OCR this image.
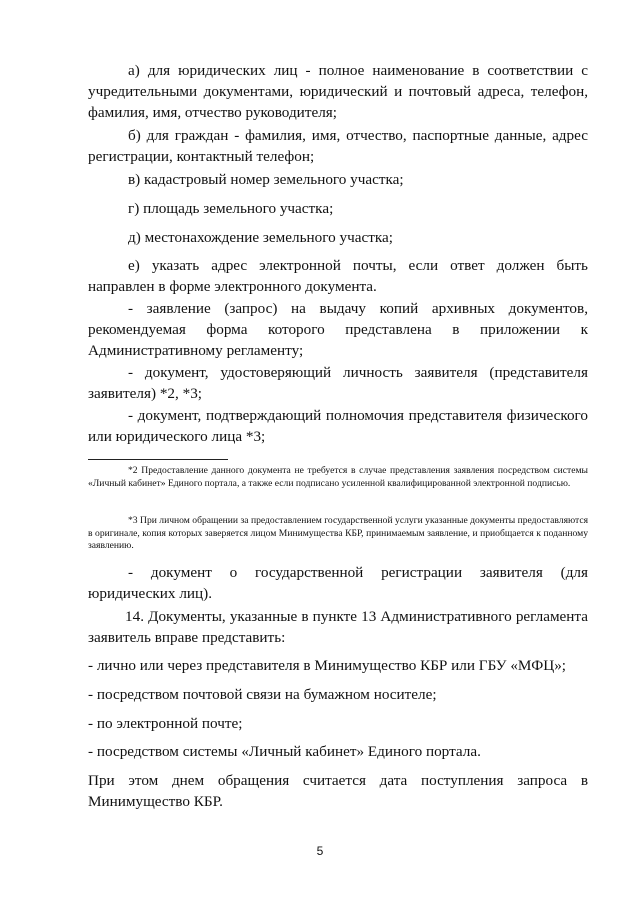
а) для юридических лиц - полное наименование в соответствии с учредительными документами, юридический и почтовый адреса, телефон, фамилия, имя, отчество руководителя;

б) для граждан - фамилия, имя, отчество, паспортные данные, адрес регистрации, контактный телефон;

в) кадастровый номер земельного участка;

г) площадь земельного участка;

д) местонахождение земельного участка;

е) указать адрес электронной почты, если ответ должен быть направлен в форме электронного документа.

- заявление (запрос) на выдачу копий архивных документов, рекомендуемая форма которого представлена в приложении к Административному регламенту;

- документ, удостоверяющий личность заявителя (представителя заявителя) *2, *3;

- документ, подтверждающий полномочия представителя физического или юридического лица *3;

*2 Предоставление данного документа не требуется в случае представления заявления посредством системы «Личный кабинет» Единого портала, а также если подписано усиленной квалифицированной электронной подписью.

*3 При личном обращении за предоставлением государственной услуги указанные документы предоставляются в оригинале, копия которых заверяется лицом Минимущества КБР, принимаемым заявление, и приобщается к поданному заявлению.

- документ о государственной регистрации заявителя (для юридических лиц).

14. Документы, указанные в пункте 13 Административного регламента заявитель вправе представить:

- лично или через представителя в Минимущество КБР или ГБУ «МФЦ»;

- посредством почтовой связи на бумажном носителе;

- по электронной почте;

- посредством системы «Личный кабинет» Единого портала.

При этом днем обращения считается дата поступления запроса в Минимущество КБР.

5
